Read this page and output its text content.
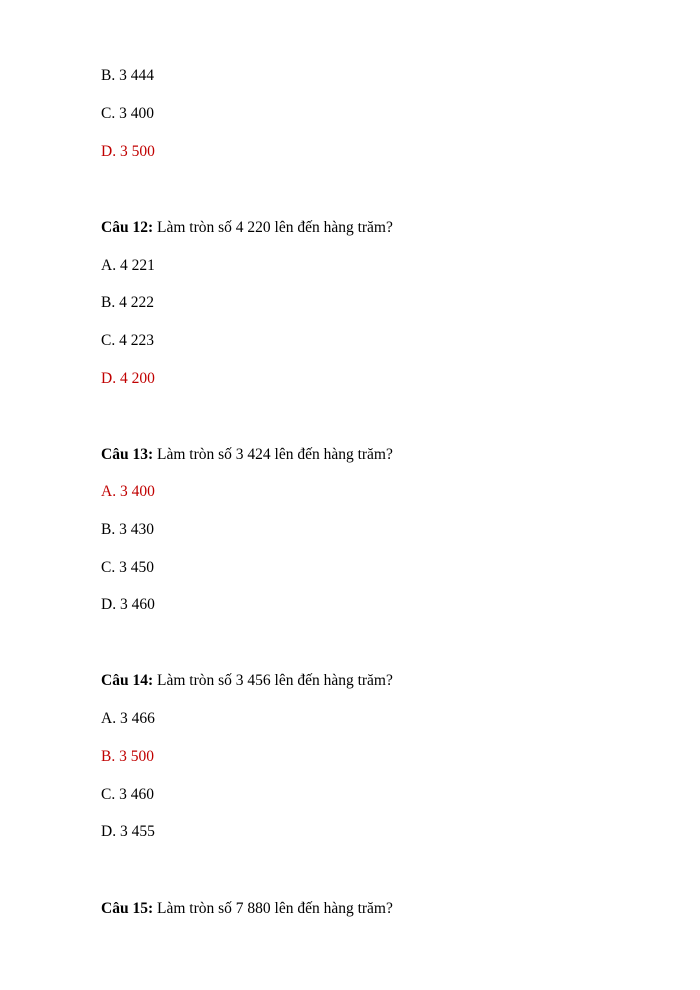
B. 3 444

C. 3 400

D. 3 500

Câu 12: Làm tròn số 4 220 lên đến hàng trăm?

A. 4 221

B. 4 222

C. 4 223

D. 4 200

Câu 13: Làm tròn số 3 424 lên đến hàng trăm?

A. 3 400

B. 3 430

C. 3 450

D. 3 460

Câu 14: Làm tròn số 3 456 lên đến hàng trăm?

A. 3 466

B. 3 500

C. 3 460

D. 3 455

Câu 15: Làm tròn số 7 880 lên đến hàng trăm?
